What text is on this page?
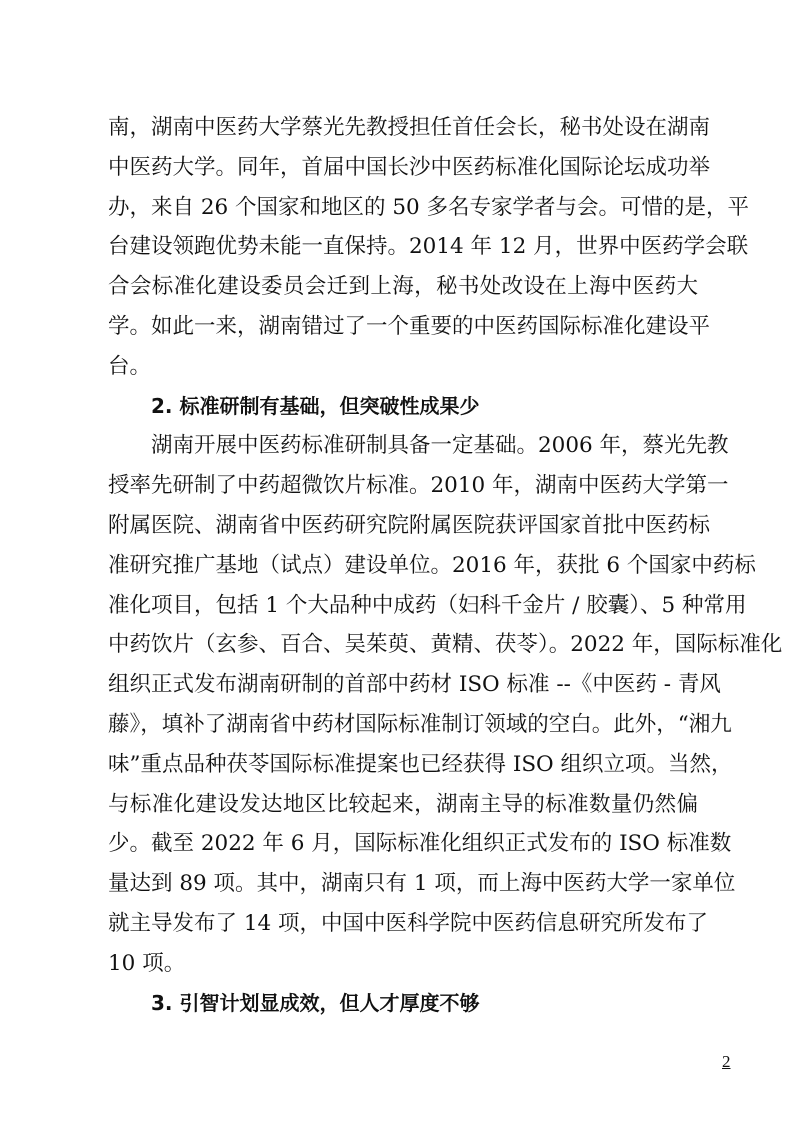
南，湖南中医药大学蔡光先教授担任首任会长，秘书处设在湖南
中医药大学。同年，首届中国长沙中医药标准化国际论坛成功举
办，来自 26 个国家和地区的 50 多名专家学者与会。可惜的是，平
台建设领跑优势未能一直保持。2014 年 12 月，世界中医药学会联
合会标准化建设委员会迁到上海，秘书处改设在上海中医药大
学。如此一来，湖南错过了一个重要的中医药国际标准化建设平
台。
2. 标准研制有基础，但突破性成果少
湖南开展中医药标准研制具备一定基础。2006 年，蔡光先教
授率先研制了中药超微饮片标准。2010 年，湖南中医药大学第一
附属医院、湖南省中医药研究院附属医院获评国家首批中医药标
准研究推广基地（试点）建设单位。2016 年，获批 6 个国家中药标
准化项目，包括 1 个大品种中成药（妇科千金片 / 胶囊）、5 种常用
中药饮片（玄参、百合、吴茱萸、黄精、茯苓）。2022 年，国际标准化
组织正式发布湖南研制的首部中药材 ISO 标准 --《中医药 - 青风
藤》，填补了湖南省中药材国际标准制订领域的空白。此外，“湘九
味”重点品种茯苓国际标准提案也已经获得 ISO 组织立项。当然，
与标准化建设发达地区比较起来，湖南主导的标准数量仍然偏
少。截至 2022 年 6 月，国际标准化组织正式发布的 ISO 标准数
量达到 89 项。其中，湖南只有 1 项，而上海中医药大学一家单位
就主导发布了 14 项，中国中医科学院中医药信息研究所发布了
10 项。
3. 引智计划显成效，但人才厚度不够
2
